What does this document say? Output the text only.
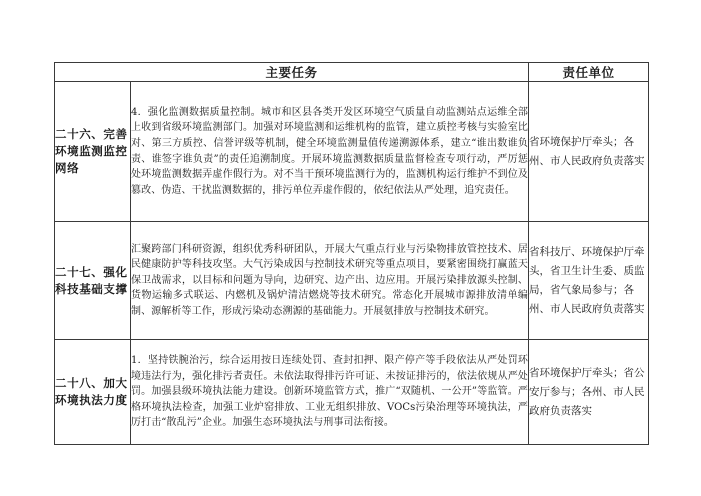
主要任务		责任单位

二十六、完善环境监测监控网络	4．强化监测数据质量控制。城市和区县各类开发区环境空气质量自动监测站点运维全部上收到省级环境监测部门。加强对环境监测和运维机构的监管，建立质控考核与实验室比对、第三方质控、信誉评级等机制，健全环境监测量值传递溯源体系，建立“谁出数谁负责、谁签字谁负责”的责任追溯制度。开展环境监测数据质量监督检查专项行动，严厉惩处环境监测数据弄虚作假行为。对不当干预环境监测行为的，监测机构运行维护不到位及篡改、伪造、干扰监测数据的，排污单位弄虚作假的，依纪依法从严处理，追究责任。	省环境保护厅牵头；各州、市人民政府负责落实

二十七、强化科技基础支撑	汇聚跨部门科研资源，组织优秀科研团队，开展大气重点行业与污染物排放管控技术、居民健康防护等科技攻坚。大气污染成因与控制技术研究等重点项目，要紧密围绕打赢蓝天保卫战需求，以目标和问题为导向，边研究、边产出、边应用。开展污染排放源头控制、货物运输多式联运、内燃机及锅炉清洁燃烧等技术研究。常态化开展城市源排放清单编制、源解析等工作，形成污染动态溯源的基础能力。开展氨排放与控制技术研究。	省科技厅、环境保护厅牵头，省卫生计生委、质监局，省气象局参与；各州、市人民政府负责落实

二十八、加大环境执法力度	1．坚持铁腕治污，综合运用按日连续处罚、查封扣押、限产停产等手段依法从严处罚环境违法行为，强化排污者责任。未依法取得排污许可证、未按证排污的，依法依规从严处罚。加强县级环境执法能力建设。创新环境监管方式，推广“双随机、一公开”等监管。严格环境执法检查，加强工业炉窑排放、工业无组织排放、VOCs污染治理等环境执法，严厉打击“散乱污”企业。加强生态环境执法与刑事司法衔接。	省环境保护厅牵头；省公安厅参与；各州、市人民政府负责落实
